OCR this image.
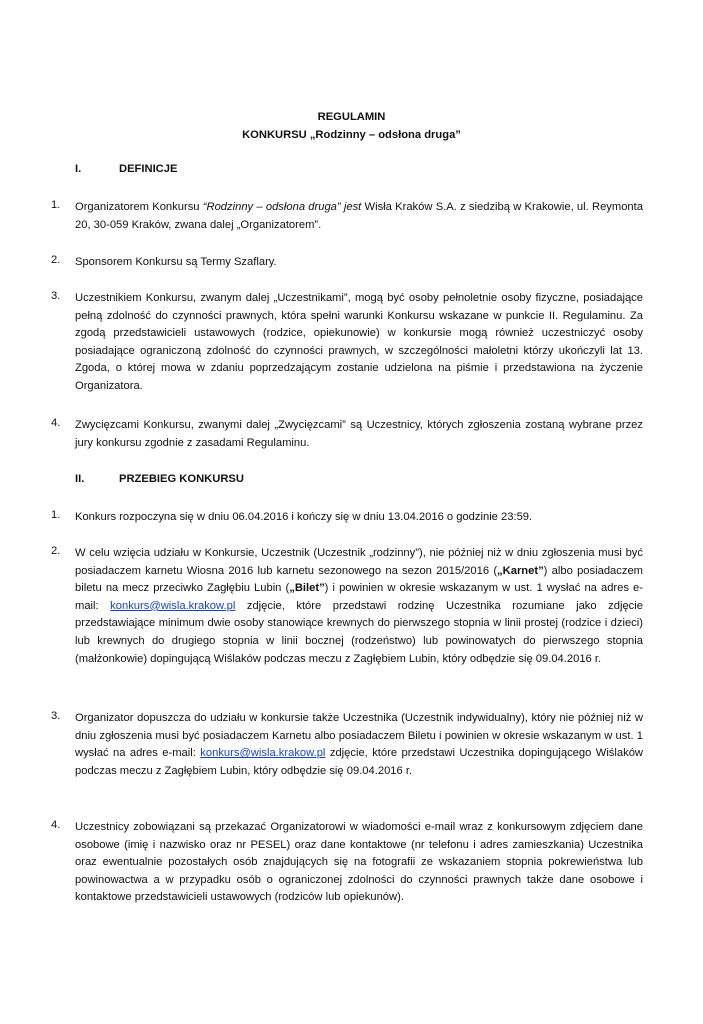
REGULAMIN
KONKURSU „Rodzinny – odsłona druga”
I.	DEFINICJE
1. Organizatorem Konkursu “Rodzinny – odsłona druga” jest Wisła Kraków S.A. z siedzibą w Krakowie, ul. Reymonta 20, 30-059 Kraków, zwana dalej „Organizatorem”.
2. Sponsorem Konkursu są Termy Szaflary.
3. Uczestnikiem Konkursu, zwanym dalej „Uczestnikami”, mogą być osoby pełnoletnie osoby fizyczne, posiadające pełną zdolność do czynności prawnych, która spełni warunki Konkursu wskazane w punkcie II. Regulaminu. Za zgodą przedstawicieli ustawowych (rodzice, opiekunowie) w konkursie mogą również uczestniczyć osoby posiadające ograniczoną zdolność do czynności prawnych, w szczególności małoletni którzy ukończyli lat 13. Zgoda, o której mowa w zdaniu poprzedzającym zostanie udzielona na piśmie i przedstawiona na życzenie Organizatora.
4. Zwycięzcami Konkursu, zwanymi dalej „Zwycięzcami” są Uczestnicy, których zgłoszenia zostaną wybrane przez jury konkursu zgodnie z zasadami Regulaminu.
II.	PRZEBIEG KONKURSU
1. Konkurs rozpoczyna się w dniu 06.04.2016 i kończy się w dniu 13.04.2016 o godzinie 23:59.
2. W celu wzięcia udziału w Konkursie, Uczestnik (Uczestnik „rodzinny”), nie później niż w dniu zgłoszenia musi być posiadaczem karnetu Wiosna 2016 lub karnetu sezonowego na sezon 2015/2016 („Karnet”) albo posiadaczem biletu na mecz przeciwko Zagłębiu Lubin („Bilet”) i powinien w okresie wskazanym w ust. 1 wysłać na adres e-mail: konkurs@wisla.krakow.pl zdjęcie, które przedstawi rodzinę Uczestnika rozumiane jako zdjęcie przedstawiające minimum dwie osoby stanowiące krewnych do pierwszego stopnia w linii prostej (rodzice i dzieci) lub krewnych do drugiego stopnia w linii bocznej (rodzeństwo) lub powinowatych do pierwszego stopnia (małżonkowie) dopingującą Wiślaków podczas meczu z Zagłębiem Lubin, który odbędzie się 09.04.2016 r.
3. Organizator dopuszcza do udziału w konkursie także Uczestnika (Uczestnik indywidualny), który nie później niż w dniu zgłoszenia musi być posiadaczem Karnetu albo posiadaczem Biletu i powinien w okresie wskazanym w ust. 1 wysłać na adres e-mail: konkurs@wisla.krakow.pl zdjęcie, które przedstawi Uczestnika dopingującego Wiślaków podczas meczu z Zagłębiem Lubin, który odbędzie się 09.04.2016 r.
4. Uczestnicy zobowiązani są przekazać Organizatorowi w wiadomości e-mail wraz z konkursowym zdjęciem dane osobowe (imię i nazwisko oraz nr PESEL) oraz dane kontaktowe (nr telefonu i adres zamieszkania) Uczestnika oraz ewentualnie pozostałych osób znajdujących się na fotografii ze wskazaniem stopnia pokrewieństwa lub powinowactwa a w przypadku osób o ograniczonej zdolności do czynności prawnych także dane osobowe i kontaktowe przedstawicieli ustawowych (rodziców lub opiekunów).
